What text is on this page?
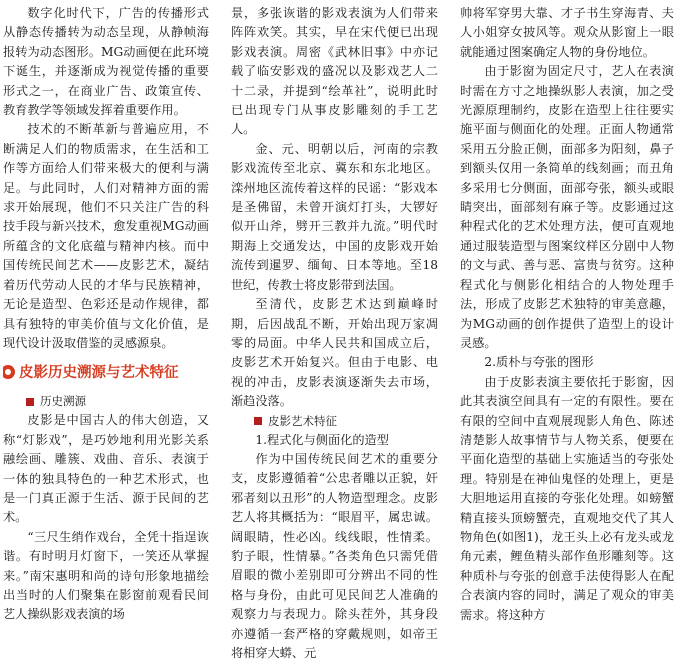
数字化时代下，广告的传播形式从静态传播转为动态呈现，从静帧海报转为动态图形。MG动画便在此环境下诞生，并逐渐成为视觉传播的重要形式之一，在商业广告、政策宣传、教育教学等领域发挥着重要作用。

技术的不断革新与普遍应用，不断满足人们的物质需求，在生活和工作等方面给人们带来极大的便利与满足。与此同时，人们对精神方面的需求开始展现，他们不只关注广告的科技手段与新兴技术，愈发重视MG动画所蕴含的文化底蕴与精神内核。而中国传统民间艺术——皮影艺术，凝结着历代劳动人民的才华与民族精神，无论是造型、色彩还是动作规律，都具有独特的审美价值与文化价值，是现代设计汲取借鉴的灵感源泉。

皮影历史溯源与艺术特征
历史溯源

皮影是中国古人的伟大创造，又称“灯影戏”，是巧妙地利用光影关系融绘画、雕簇、戏曲、音乐、表演于一体的独具特色的一种艺术形式，也是一门真正源于生活、源于民间的艺术。

“三尺生绡作戏台，全凭十指逞诙谐。有时明月灯窗下，一笑还从掌握来。”南宋惠明和尚的诗句形象地描绘出当时的人们聚集在影窗前观看民间艺人操纵影戏表演的场

景，多张诙谐的影戏表演为人们带来阵阵欢笑。其实，早在宋代便已出现影戏表演。周密《武林旧事》中亦记载了临安影戏的盛况以及影戏艺人二十二录，并提到“绘革社”，说明此时已出现专门从事皮影雕刻的手工艺人。

金、元、明朝以后，河南的宗教影戏流传至北京、冀东和东北地区。滦州地区流传着这样的民谣：“影戏本是圣佛留，未曾开演灯打头，大锣好似开山斧，劈开三教并九流。”明代时期海上交通发达，中国的皮影戏开始流传到暹罗、缅甸、日本等地。至18世纪，传教士将皮影带到法国。

至清代，皮影艺术达到巅峰时期，后因战乱不断，开始出现万家凋零的局面。中华人民共和国成立后，皮影艺术开始复兴。但由于电影、电视的冲击，皮影表演逐渐失去市场，渐趋没落。

皮影艺术特征
1.程式化与侧面化的造型

作为中国传统民间艺术的重要分支，皮影遵循着“公忠者雕以正貌，奸邪者刻以丑形”的人物造型理念。皮影艺人将其概括为：“眼眉平，属忠诚。阔眼睛，性必凶。线线眼，性情柔。豹子眼，性情暴。”各类角色只需凭借眉眼的微小差别即可分辨出不同的性格与身份，由此可见民间艺人准确的观察力与表现力。除头茬外，其身段亦遵循一套严格的穿戴规则，如帝王将相穿大蟒、元

帅将军穿男大靠、才子书生穿海青、夫人小姐穿女披风等。观众从影窗上一眼就能通过图案确定人物的身份地位。

由于影窗为固定尺寸，艺人在表演时需在方寸之地操纵影人表演，加之受光源原理制约，皮影在造型上往往要实施平面与侧面化的处理。正面人物通常采用五分脸正侧，面部多为阳刻，鼻子到额头仅用一条简单的线刻画；而丑角多采用七分侧面，面部夸张，额头或眼睛突出，面部刻有麻子等。皮影通过这种程式化的艺术处理方法，便可直观地通过服装造型与图案纹样区分剧中人物的文与武、善与恶、富贵与贫穷。这种程式化与侧影化相结合的人物处理手法，形成了皮影艺术独特的审美意趣，为MG动画的创作提供了造型上的设计灵感。

2.质朴与夸张的图形

由于皮影表演主要依托于影窗，因此其表演空间具有一定的有限性。要在有限的空间中直观展现影人角色、陈述清楚影人故事情节与人物关系，便要在平面化造型的基础上实施适当的夸张处理。特别是在神仙鬼怪的处理上，更是大胆地运用直接的夸张化处理。如螃蟹精直接头顶螃蟹壳，直观地交代了其人物角色(如图1)，龙王头上必有龙头或龙角元素，鲤鱼精头部作鱼形雕刻等。这种质朴与夸张的创意手法使得影人在配合表演内容的同时，满足了观众的审美需求。将这种方
